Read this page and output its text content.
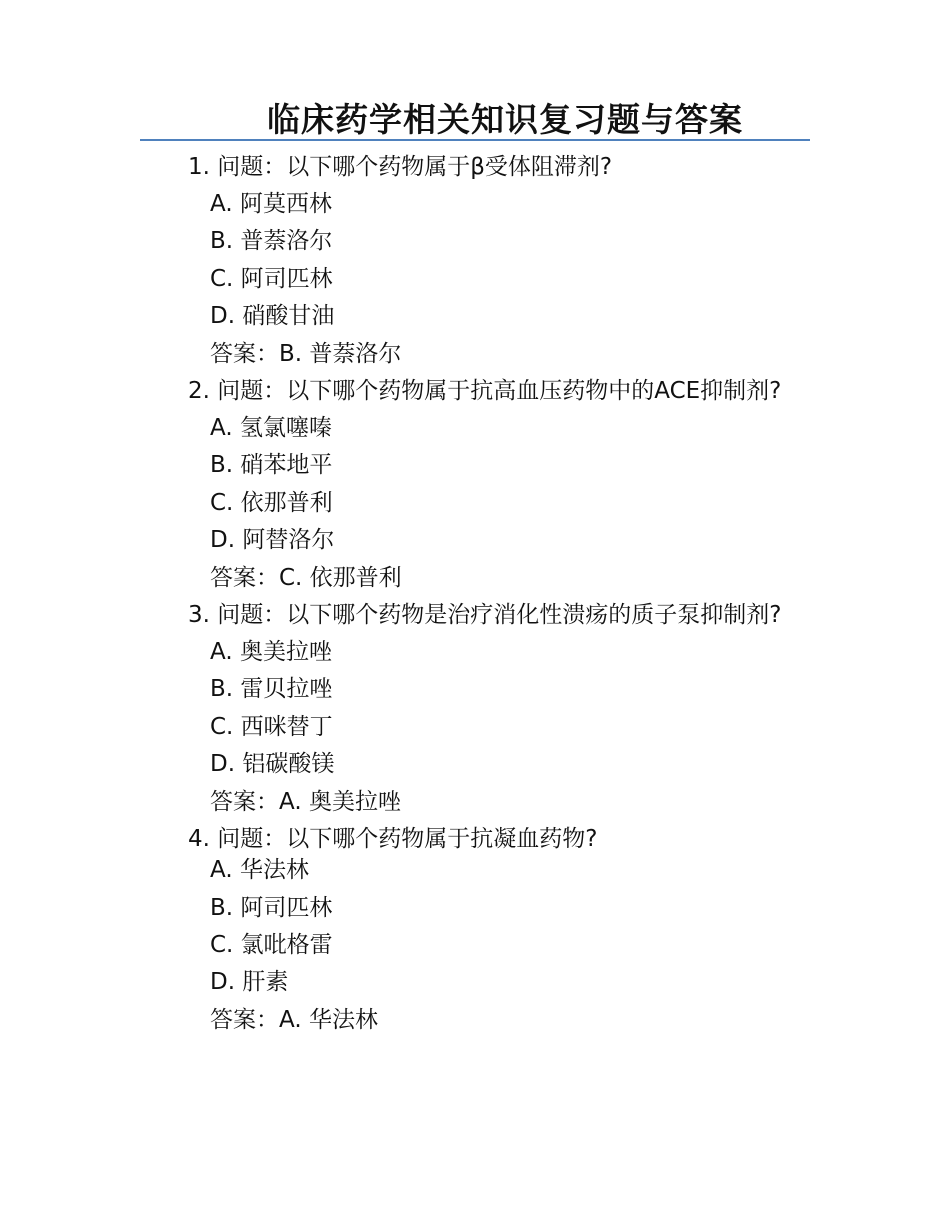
临床药学相关知识复习题与答案

1. 问题：以下哪个药物属于β受体阻滞剂?

A. 阿莫西林

B. 普萘洛尔

C. 阿司匹林

D. 硝酸甘油

答案：B. 普萘洛尔

2. 问题：以下哪个药物属于抗高血压药物中的ACE抑制剂?

A. 氢氯噻嗪

B. 硝苯地平

C. 依那普利

D. 阿替洛尔

答案：C. 依那普利

3. 问题：以下哪个药物是治疗消化性溃疡的质子泵抑制剂?

A. 奥美拉唑

B. 雷贝拉唑

C. 西咪替丁

D. 铝碳酸镁

答案：A. 奥美拉唑

4. 问题：以下哪个药物属于抗凝血药物?

A. 华法林

B. 阿司匹林

C. 氯吡格雷

D. 肝素

答案：A. 华法林
